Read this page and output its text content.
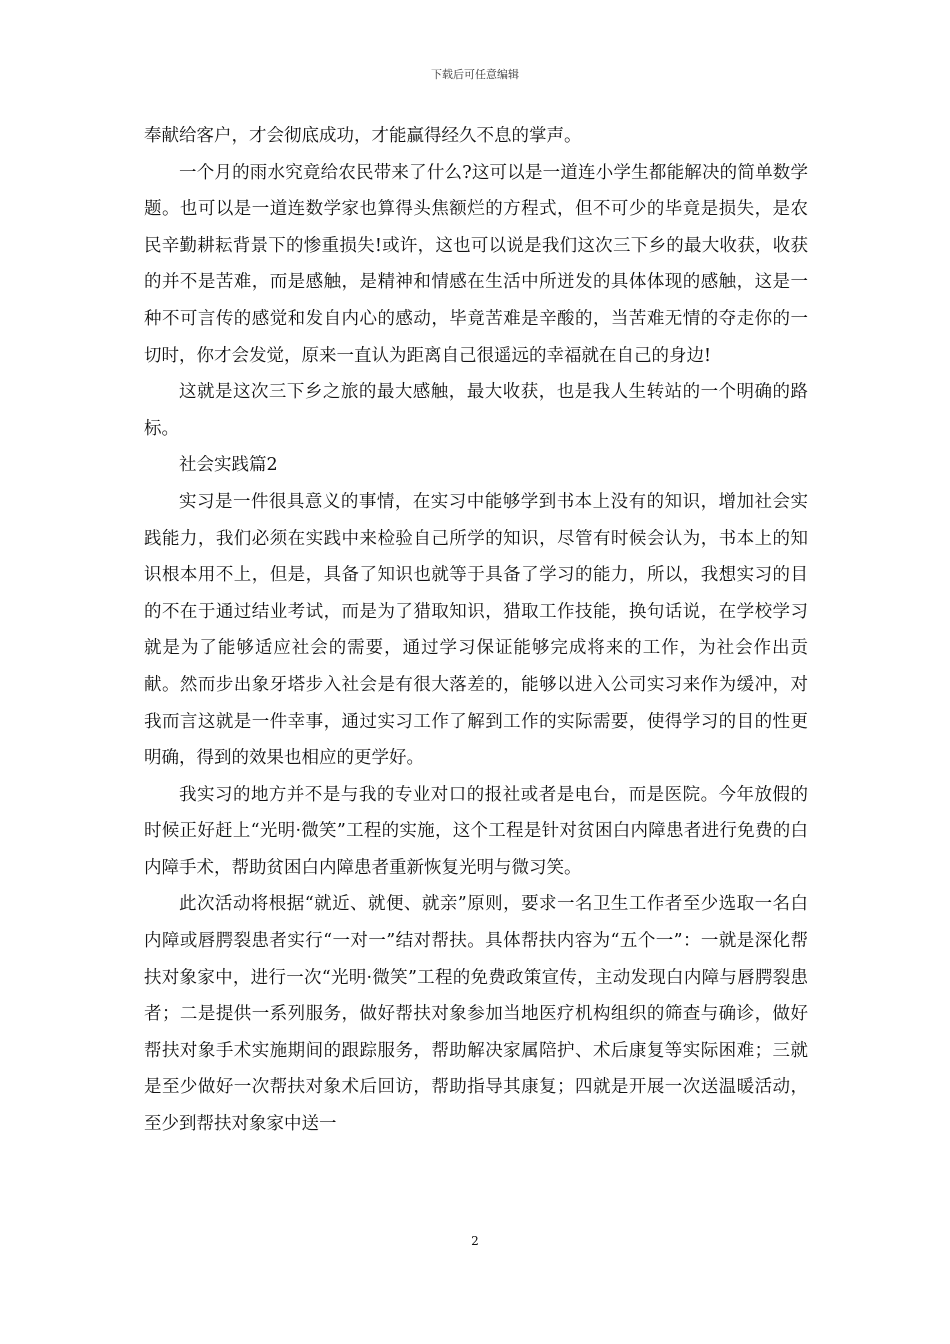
下载后可任意编辑

奉献给客户，才会彻底成功，才能赢得经久不息的掌声。

一个月的雨水究竟给农民带来了什么?这可以是一道连小学生都能解决的简单数学题。也可以是一道连数学家也算得头焦额烂的方程式，但不可少的毕竟是损失，是农民辛勤耕耘背景下的惨重损失!或许，这也可以说是我们这次三下乡的最大收获，收获的并不是苦难，而是感触，是精神和情感在生活中所迸发的具体体现的感触，这是一种不可言传的感觉和发自内心的感动，毕竟苦难是辛酸的，当苦难无情的夺走你的一切时，你才会发觉，原来一直认为距离自己很遥远的幸福就在自己的身边!

这就是这次三下乡之旅的最大感触，最大收获，也是我人生转站的一个明确的路标。

社会实践篇2

实习是一件很具意义的事情，在实习中能够学到书本上没有的知识，增加社会实践能力，我们必须在实践中来检验自己所学的知识，尽管有时候会认为，书本上的知识根本用不上，但是，具备了知识也就等于具备了学习的能力，所以，我想实习的目的不在于通过结业考试，而是为了猎取知识，猎取工作技能，换句话说，在学校学习就是为了能够适应社会的需要，通过学习保证能够完成将来的工作，为社会作出贡献。然而步出象牙塔步入社会是有很大落差的，能够以进入公司实习来作为缓冲，对我而言这就是一件幸事，通过实习工作了解到工作的实际需要，使得学习的目的性更明确，得到的效果也相应的更学好。

我实习的地方并不是与我的专业对口的报社或者是电台，而是医院。今年放假的时候正好赶上“光明·微笑”工程的实施，这个工程是针对贫困白内障患者进行免费的白内障手术，帮助贫困白内障患者重新恢复光明与微习笑。

此次活动将根据“就近、就便、就亲”原则，要求一名卫生工作者至少选取一名白内障或唇腭裂患者实行“一对一”结对帮扶。具体帮扶内容为“五个一”：一就是深化帮扶对象家中，进行一次“光明·微笑”工程的免费政策宣传，主动发现白内障与唇腭裂患者；二是提供一系列服务，做好帮扶对象参加当地医疗机构组织的筛查与确诊，做好帮扶对象手术实施期间的跟踪服务，帮助解决家属陪护、术后康复等实际困难；三就是至少做好一次帮扶对象术后回访，帮助指导其康复；四就是开展一次送温暖活动，至少到帮扶对象家中送一

2
